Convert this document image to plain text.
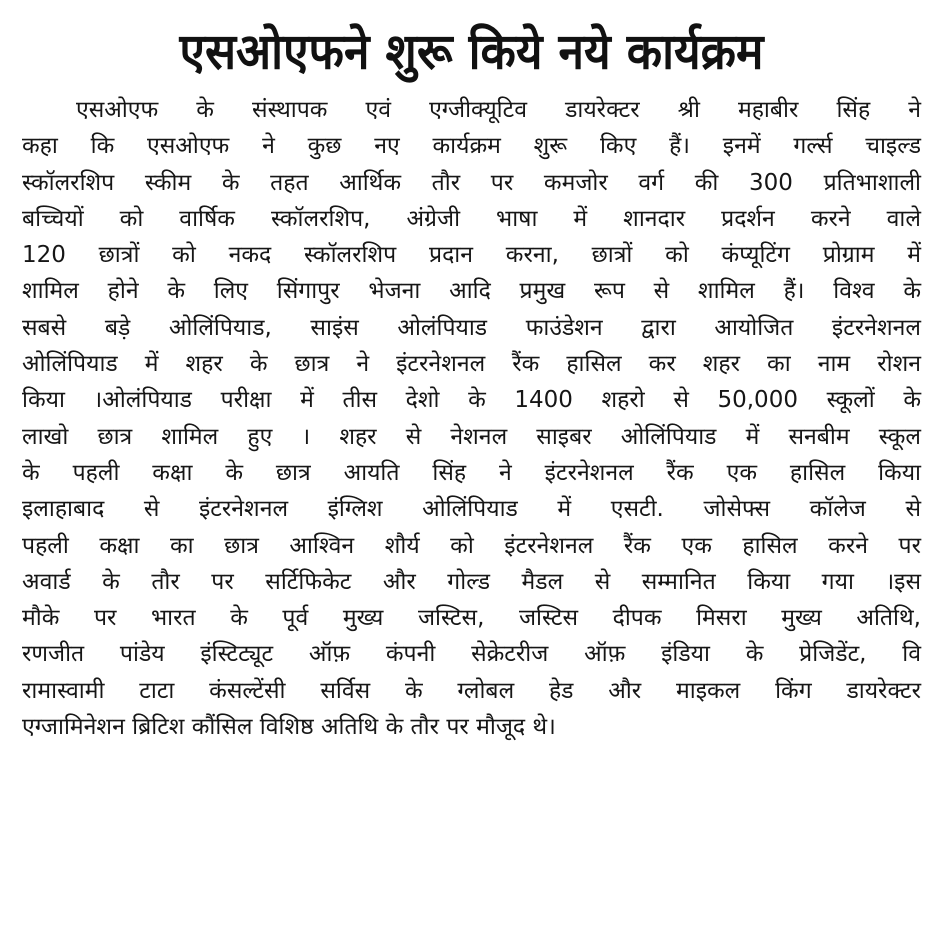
एसओएफने शुरू किये नये कार्यक्रम
एसओएफ के संस्थापक एवं एग्जीक्यूटिव डायरेक्टर श्री महाबीर सिंह ने
कहा कि एसओएफ ने कुछ नए कार्यक्रम शुरू किए हैं। इनमें गर्ल्स चाइल्ड
स्कॉलरशिप स्कीम के तहत आर्थिक तौर पर कमजोर वर्ग की 300 प्रतिभाशाली
बच्चियों को वार्षिक स्कॉलरशिप, अंग्रेजी भाषा में शानदार प्रदर्शन करने वाले
120 छात्रों को नकद स्कॉलरशिप प्रदान करना, छात्रों को कंप्यूटिंग प्रोग्राम में
शामिल होने के लिए सिंगापुर भेजना आदि प्रमुख रूप से शामिल हैं। विश्व के
सबसे बड़े ओलिंपियाड, साइंस ओलंपियाड फाउंडेशन द्वारा आयोजित इंटरनेशनल
ओलिंपियाड में शहर के छात्र ने इंटरनेशनल रैंक हासिल कर शहर का नाम रोशन
किया ।ओलंपियाड परीक्षा में तीस देशो के 1400 शहरो से 50,000 स्कूलों के
लाखो छात्र शामिल हुए । शहर से नेशनल साइबर ओलिंपियाड में सनबीम स्कूल
के पहली कक्षा के छात्र आयति सिंह ने इंटरनेशनल रैंक एक हासिल किया
इलाहाबाद से इंटरनेशनल इंग्लिश ओलिंपियाड में एसटी. जोसेफ्स कॉलेज से
पहली कक्षा का छात्र आश्विन शौर्य को इंटरनेशनल रैंक एक हासिल करने पर
अवार्ड के तौर पर सर्टिफिकेट और गोल्ड मैडल से सम्मानित किया गया ।इस
मौके पर भारत के पूर्व मुख्य जस्टिस, जस्टिस दीपक मिसरा मुख्य अतिथि,
रणजीत पांडेय इंस्टिट्यूट ऑफ़ कंपनी सेक्रेटरीज ऑफ़ इंडिया के प्रेजिडेंट, वि
रामास्वामी टाटा कंसल्टेंसी सर्विस के ग्लोबल हेड और माइकल किंग डायरेक्टर
एग्जामिनेशन ब्रिटिश कौंसिल विशिष्ठ अतिथि के तौर पर मौजूद थे।
